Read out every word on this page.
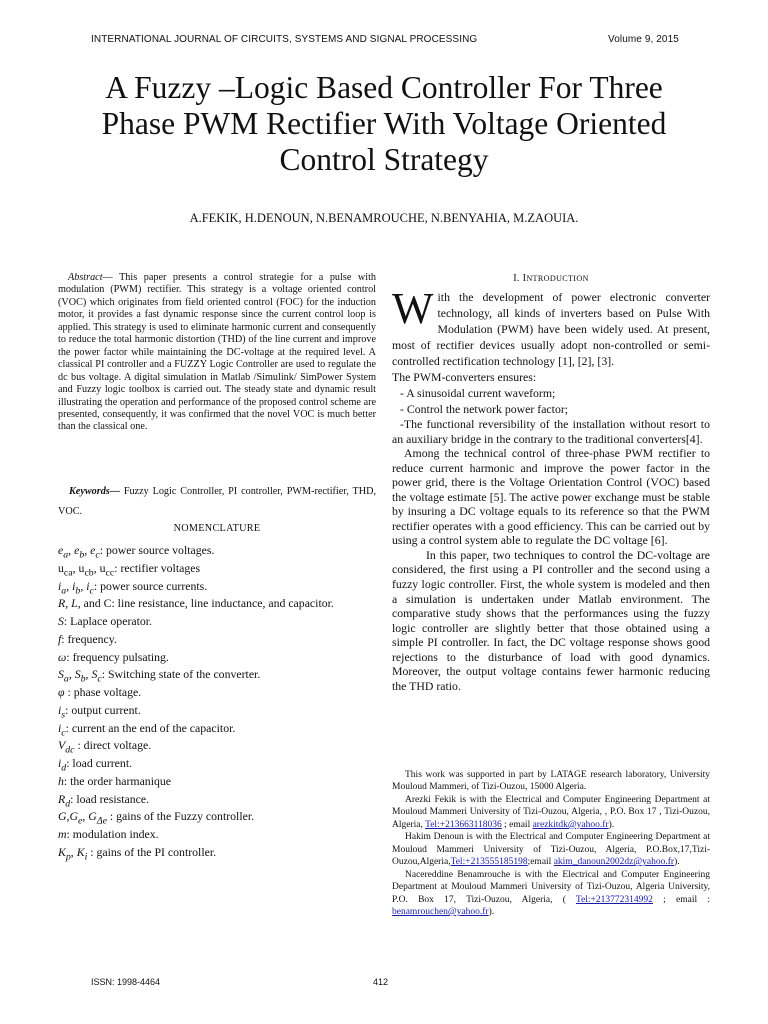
INTERNATIONAL JOURNAL OF CIRCUITS, SYSTEMS AND SIGNAL PROCESSING	Volume 9, 2015
A Fuzzy –Logic Based Controller For Three
Phase PWM Rectifier With Voltage Oriented
Control Strategy
A.FEKIK, H.DENOUN, N.BENAMROUCHE, N.BENYAHIA, M.ZAOUIA.

Abstract— This paper presents a control strategie for a pulse with modulation (PWM) rectifier. This strategy is a voltage oriented control (VOC) which originates from field oriented control (FOC) for the induction motor, it provides a fast dynamic response since the current control loop is applied. This strategy is used to eliminate harmonic current and consequently to reduce the total harmonic distortion (THD) of the line current and improve the power factor while maintaining the DC-voltage at the required level. A classical PI controller and a FUZZY Logic Controller are used to regulate the dc bus voltage. A digital simulation in Matlab /Simulink/ SimPower System and Fuzzy logic toolbox is carried out. The steady state and dynamic result illustrating the operation and performance of the proposed control scheme are presented, consequently, it was confirmed that the novel VOC is much better than the classical one.

Keywords— Fuzzy Logic Controller, PI controller, PWM-rectifier, THD, VOC.
NOMENCLATURE
$e_a$, $e_b$, $e_c$: power source voltages.
$u_{ca}$, $u_{cb}$, $u_{cc}$: rectifier voltages
$i_a$, $i_b$, $i_c$: power source currents.
R, L, and C: line resistance, line inductance, and capacitor.
S: Laplace operator.
f: frequency.
ω: frequency pulsating.
$S_a$, $S_b$, $S_c$: Switching state of the converter.
φ : phase voltage.
$i_s$: output current.
$i_c$: current an the end of the capacitor.
$V_{dc}$ : direct voltage.
$i_d$: load current.
h: the order harmanique
$R_d$: load resistance.
$G,G_e$, $G_{\Delta e}$ : gains of the Fuzzy controller.
m: modulation index.
$K_p$, $K_i$ : gains of the PI controller.
I. INTRODUCTION

With the development of power electronic converter technology, all kinds of inverters based on Pulse With Modulation (PWM) have been widely used. At present, most of rectifier devices usually adopt non-controlled or semi-controlled rectification technology [1], [2], [3].

The PWM-converters ensures:

- A sinusoidal current waveform;

- Control the network power factor;

-The functional reversibility of the installation without resort to an auxiliary bridge in the contrary to the traditional converters[4].

Among the technical control of three-phase PWM rectifier to reduce current harmonic and improve the power factor in the power grid, there is the Voltage Orientation Control (VOC) based the voltage estimate [5]. The active power exchange must be stable by insuring a DC voltage equals to its reference so that the PWM rectifier operates with a good efficiency. This can be carried out by using a control system able to regulate the DC voltage [6].

In this paper, two techniques to control the DC-voltage are considered, the first using a PI controller and the second using a fuzzy logic controller. First, the whole system is modeled and then a simulation is undertaken under Matlab environment. The comparative study shows that the performances using the fuzzy logic controller are slightly better that those obtained using a simple PI controller. In fact, the DC voltage response shows good rejections to the disturbance of load with good dynamics. Moreover, the output voltage contains fewer harmonic reducing the THD ratio.

This work was supported in part by LATAGE research laboratory, University Mouloud Mammeri, of Tizi-Ouzou, 15000 Algeria.

Arezki Fekik is with the Electrical and Computer Engineering Department at Mouloud Mammeri University of Tizi-Ouzou, Algeria, , P.O. Box 17 , Tizi-Ouzou, Algeria, Tel:+213663118036 ; email arezkitdk@yahoo.fr).

Hakim Denoun is with the Electrical and Computer Engineering Department at Mouloud Mammeri University of Tizi-Ouzou, Algeria, P.O.Box,17,Tizi-Ouzou,Algeria,Tel:+213555185198;email akim_danoun2002dz@yahoo.fr).

Nacereddine Benamrouche is with the Electrical and Computer Engineering Department at Mouloud Mammeri University of Tizi-Ouzou, Algeria University, P.O. Box 17, Tizi-Ouzou, Algeria, ( Tel:+213772314992 ; email : benamrouchen@yahoo.fr).

ISSN: 1998-4464	412
